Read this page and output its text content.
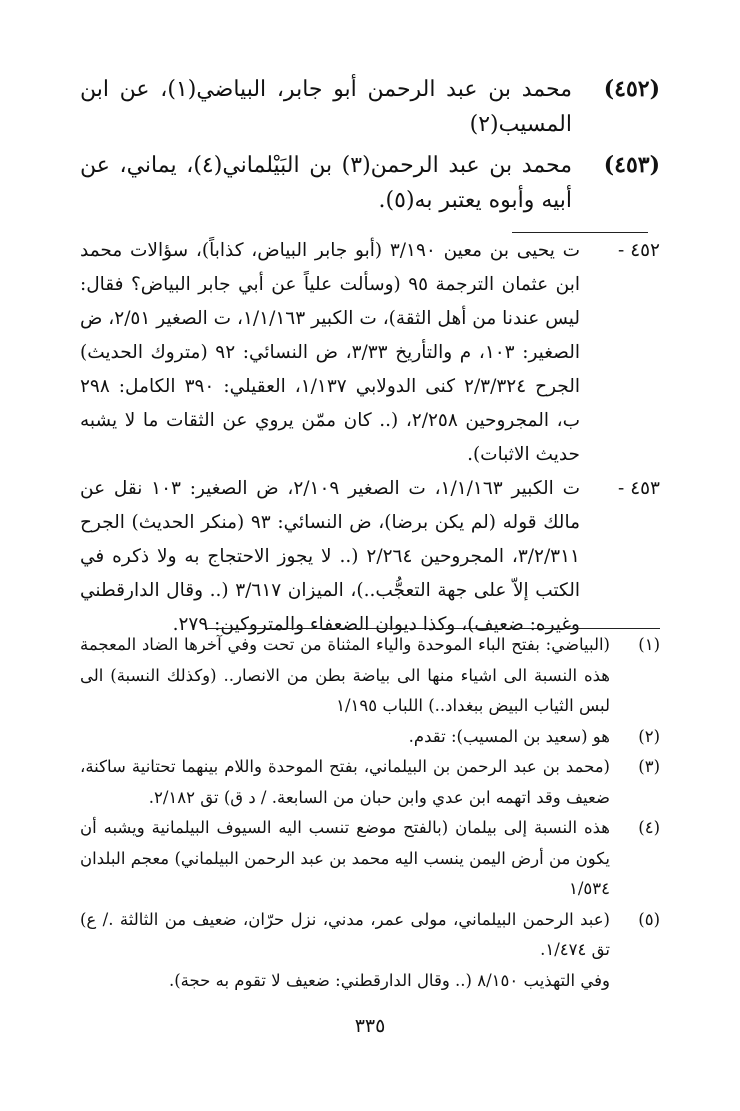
(٤٥٢)
محمد بن عبد الرحمن أبو جابر، البياضي(١)، عن ابن المسيب(٢)
(٤٥٣)
محمد بن عبد الرحمن(٣) بن البَيْلماني(٤)، يماني، عن أبيه وأبوه يعتبر به(٥).
٤٥٢ -
ت يحيى بن معين ٣/١٩٠ (أبو جابر البياض، كذاباً)، سؤالات محمد ابن عثمان الترجمة ٩٥ (وسألت علياً عن أبي جابر البياض؟ فقال: ليس عندنا من أهل الثقة)، ت الكبير ١/١/١٦٣، ت الصغير ٢/٥١، ض الصغير: ١٠٣، م والتأريخ ٣/٣٣، ض النسائي: ٩٢ (متروك الحديث) الجرح ٢/٣/٣٢٤ كنى الدولابي ١/١٣٧، العقيلي: ٣٩٠ الكامل: ٢٩٨ ب، المجروحين ٢/٢٥٨، (.. كان ممّن يروي عن الثقات ما لا يشبه حديث الاثبات).
٤٥٣ -
ت الكبير ١/١/١٦٣، ت الصغير ٢/١٠٩، ض الصغير: ١٠٣ نقل عن مالك قوله (لم يكن برضا)، ض النسائي: ٩٣ (منكر الحديث) الجرح ٣/٢/٣١١، المجروحين ٢/٢٦٤ (.. لا يجوز الاحتجاج به ولا ذكره في الكتب إلاّ على جهة التعجُّب..)، الميزان ٣/٦١٧ (.. وقال الدارقطني وغيره: ضعيف)، وكذا ديوان الضعفاء والمتروكين: ٢٧٩.
(١)
(البياضي: بفتح الباء الموحدة والياء المثناة من تحت وفي آخرها الضاد المعجمة هذه النسبة الى اشياء منها الى بياضة بطن من الانصار.. (وكذلك النسبة) الى لبس الثياب البيض ببغداد..) اللباب ١/١٩٥
(٢)
هو (سعيد بن المسيب): تقدم.
(٣)
(محمد بن عبد الرحمن بن البيلماني، بفتح الموحدة واللام بينهما تحتانية ساكنة، ضعيف وقد اتهمه ابن عدي وابن حبان من السابعة. / د ق) تق ٢/١٨٢.
(٤)
هذه النسبة إلى بيلمان (بالفتح موضع تنسب اليه السيوف البيلمانية ويشبه أن يكون من أرض اليمن ينسب اليه محمد بن عبد الرحمن البيلماني) معجم البلدان ١/٥٣٤
(٥)
(عبد الرحمن البيلماني، مولى عمر، مدني، نزل حرّان، ضعيف من الثالثة ./ ع) تق ١/٤٧٤.
وفي التهذيب ٨/١٥٠ (.. وقال الدارقطني: ضعيف لا تقوم به حجة).
٣٣٥
